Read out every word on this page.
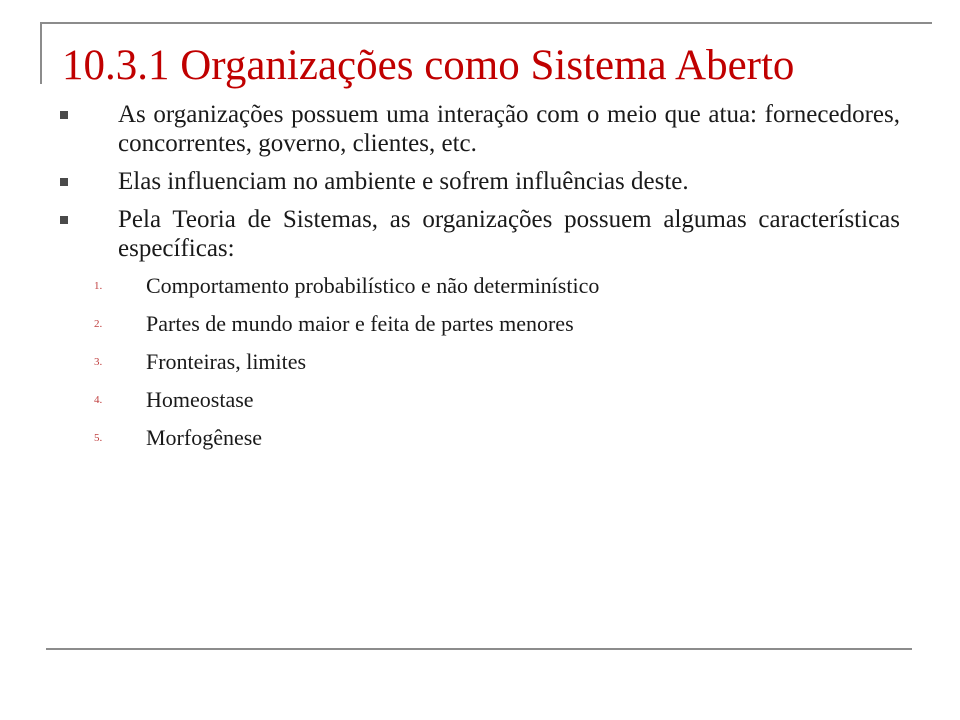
10.3.1 Organizações como Sistema Aberto
As organizações possuem uma interação com o meio que atua: fornecedores, concorrentes, governo, clientes, etc.
Elas influenciam no ambiente e sofrem influências deste.
Pela Teoria de Sistemas, as organizações possuem algumas características específicas:
1. Comportamento probabilístico e não determinístico
2. Partes de mundo maior e feita de partes menores
3. Fronteiras, limites
4. Homeostase
5. Morfogênese
